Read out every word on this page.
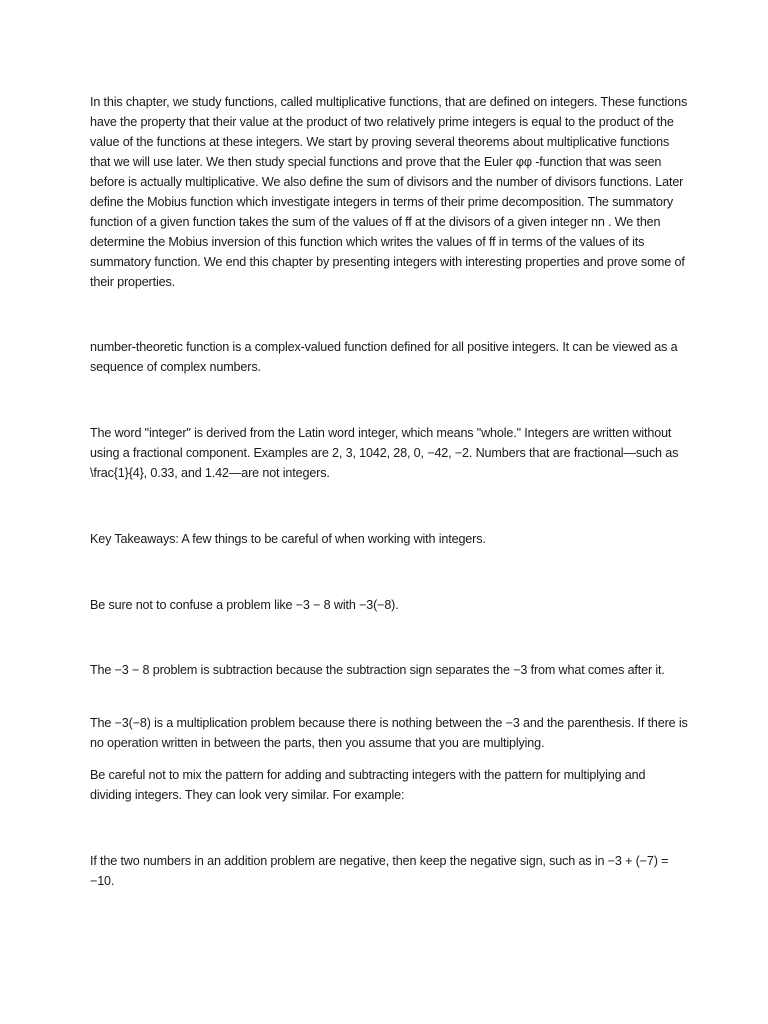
In this chapter, we study functions, called multiplicative functions, that are defined on integers. These functions have the property that their value at the product of two relatively prime integers is equal to the product of the value of the functions at these integers. We start by proving several theorems about multiplicative functions that we will use later. We then study special functions and prove that the Euler φφ -function that was seen before is actually multiplicative. We also define the sum of divisors and the number of divisors functions. Later define the Mobius function which investigate integers in terms of their prime decomposition. The summatory function of a given function takes the sum of the values of ff at the divisors of a given integer nn . We then determine the Mobius inversion of this function which writes the values of ff in terms of the values of its summatory function. We end this chapter by presenting integers with interesting properties and prove some of their properties.

number-theoretic function is a complex-valued function defined for all positive integers. It can be viewed as a sequence of complex numbers.

The word "integer" is derived from the Latin word integer, which means "whole." Integers are written without using a fractional component. Examples are 2, 3, 1042, 28, 0, −42, −2. Numbers that are fractional—such as \frac{1}{4}, 0.33, and 1.42—are not integers.

Key Takeaways: A few things to be careful of when working with integers.

Be sure not to confuse a problem like −3 − 8 with −3(−8).

The −3 − 8 problem is subtraction because the subtraction sign separates the −3 from what comes after it.

The −3(−8) is a multiplication problem because there is nothing between the −3 and the parenthesis. If there is no operation written in between the parts, then you assume that you are multiplying.

Be careful not to mix the pattern for adding and subtracting integers with the pattern for multiplying and dividing integers. They can look very similar. For example:

If the two numbers in an addition problem are negative, then keep the negative sign, such as in −3 + (−7) = −10.
